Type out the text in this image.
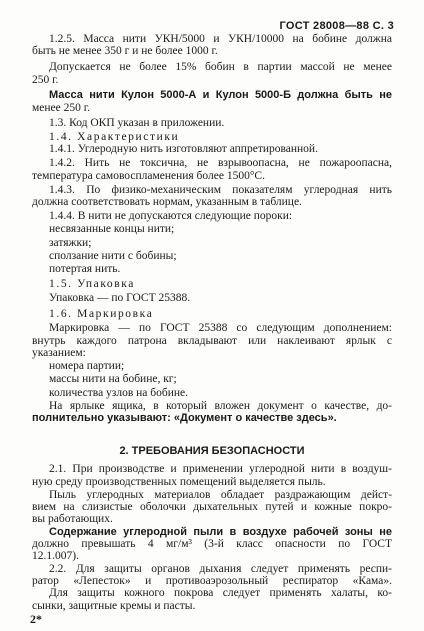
ГОСТ 28008—88 С. 3
1.2.5. Масса нити УКН/5000 и УКН/10000 на бобине должна
быть не менее 350 г и не более 1000 г.
Допускается не более 15% бобин в партии массой не менее
250 г.
Масса нити Кулон 5000-А и Кулон 5000-Б должна быть не
менее 250 г.
1.3. Код ОКП указан в приложении.
1.4. Характеристики
1.4.1. Углеродную нить изготовляют аппретированной.
1.4.2. Нить не токсична, не взрывоопасна, не пожароопасна,
температура самовоспламенения более 1500°С.
1.4.3. По физико-механическим показателям углеродная нить
должна соответствовать нормам, указанным в таблице.
1.4.4. В нити не допускаются следующие пороки:
несвязанные концы нити;
затяжки;
сползание нити с бобины;
потертая нить.
1.5. Упаковка
Упаковка — по ГОСТ 25388.
1.6. Маркировка
Маркировка — по ГОСТ 25388 со следующим дополнением:
внутрь каждого патрона вкладывают или наклеивают ярлык с
указанием:
номера партии;
массы нити на бобине, кг;
количества узлов на бобине.
На ярлыке ящика, в который вложен документ о качестве, до-
полнительно указывают: «Документ о качестве здесь».
2. ТРЕБОВАНИЯ БЕЗОПАСНОСТИ
2.1. При производстве и применении углеродной нити в воздуш-
ную среду производственных помещений выделяется пыль.
Пыль углеродных материалов обладает раздражающим дейст-
вием на слизистые оболочки дыхательных путей и кожные покро-
вы работающих.
Содержание углеродной пыли в воздухе рабочей зоны не
должно превышать 4 мг/м³ (3-й класс опасности по ГОСТ
12.1.007).
2.2. Для защиты органов дыхания следует применять респи-
ратор «Лепесток» и противоаэрозольный респиратор «Кама».
Для защиты кожного покрова следует применять халаты, ко-
сынки, защитные кремы и пасты.
2*
